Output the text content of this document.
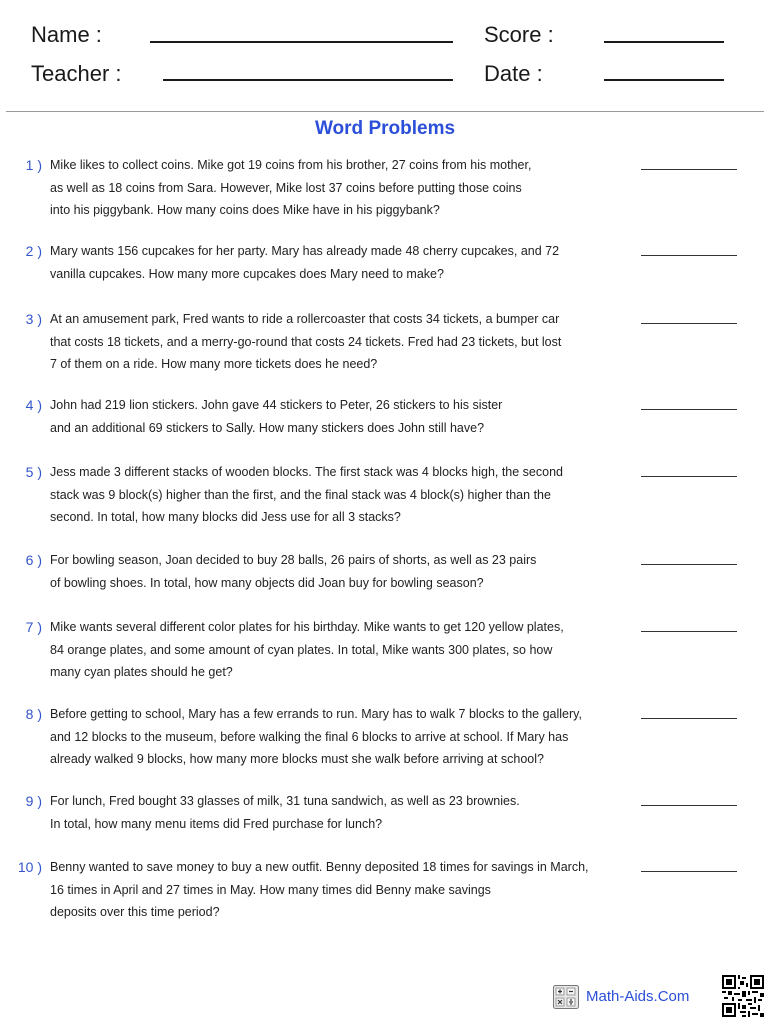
Name :	Score :
Teacher :	Date :
Word Problems
1 ) Mike likes to collect coins. Mike got 19 coins from his brother, 27 coins from his mother,
as well as 18 coins from Sara. However, Mike lost 37 coins before putting those coins
into his piggybank. How many coins does Mike have in his piggybank?
2 ) Mary wants 156 cupcakes for her party. Mary has already made 48 cherry cupcakes, and 72
vanilla cupcakes. How many more cupcakes does Mary need to make?
3 ) At an amusement park, Fred wants to ride a rollercoaster that costs 34 tickets, a bumper car
that costs 18 tickets, and a merry-go-round that costs 24 tickets. Fred had 23 tickets, but lost
7 of them on a ride. How many more tickets does he need?
4 ) John had 219 lion stickers. John gave 44 stickers to Peter, 26 stickers to his sister
and an additional 69 stickers to Sally. How many stickers does John still have?
5 ) Jess made 3 different stacks of wooden blocks. The first stack was 4 blocks high, the second
stack was 9 block(s) higher than the first, and the final stack was 4 block(s) higher than the
second. In total, how many blocks did Jess use for all 3 stacks?
6 ) For bowling season, Joan decided to buy 28 balls, 26 pairs of shorts, as well as 23 pairs
of bowling shoes. In total, how many objects did Joan buy for bowling season?
7 ) Mike wants several different color plates for his birthday. Mike wants to get 120 yellow plates,
84 orange plates, and some amount of cyan plates. In total, Mike wants 300 plates, so how
many cyan plates should he get?
8 ) Before getting to school, Mary has a few errands to run. Mary has to walk 7 blocks to the gallery,
and 12 blocks to the museum, before walking the final 6 blocks to arrive at school. If Mary has
already walked 9 blocks, how many more blocks must she walk before arriving at school?
9 ) For lunch, Fred bought 33 glasses of milk, 31 tuna sandwich, as well as 23 brownies.
In total, how many menu items did Fred purchase for lunch?
10 ) Benny wanted to save money to buy a new outfit. Benny deposited 18 times for savings in March,
16 times in April and 27 times in May. How many times did Benny make savings
deposits over this time period?
Math-Aids.Com
